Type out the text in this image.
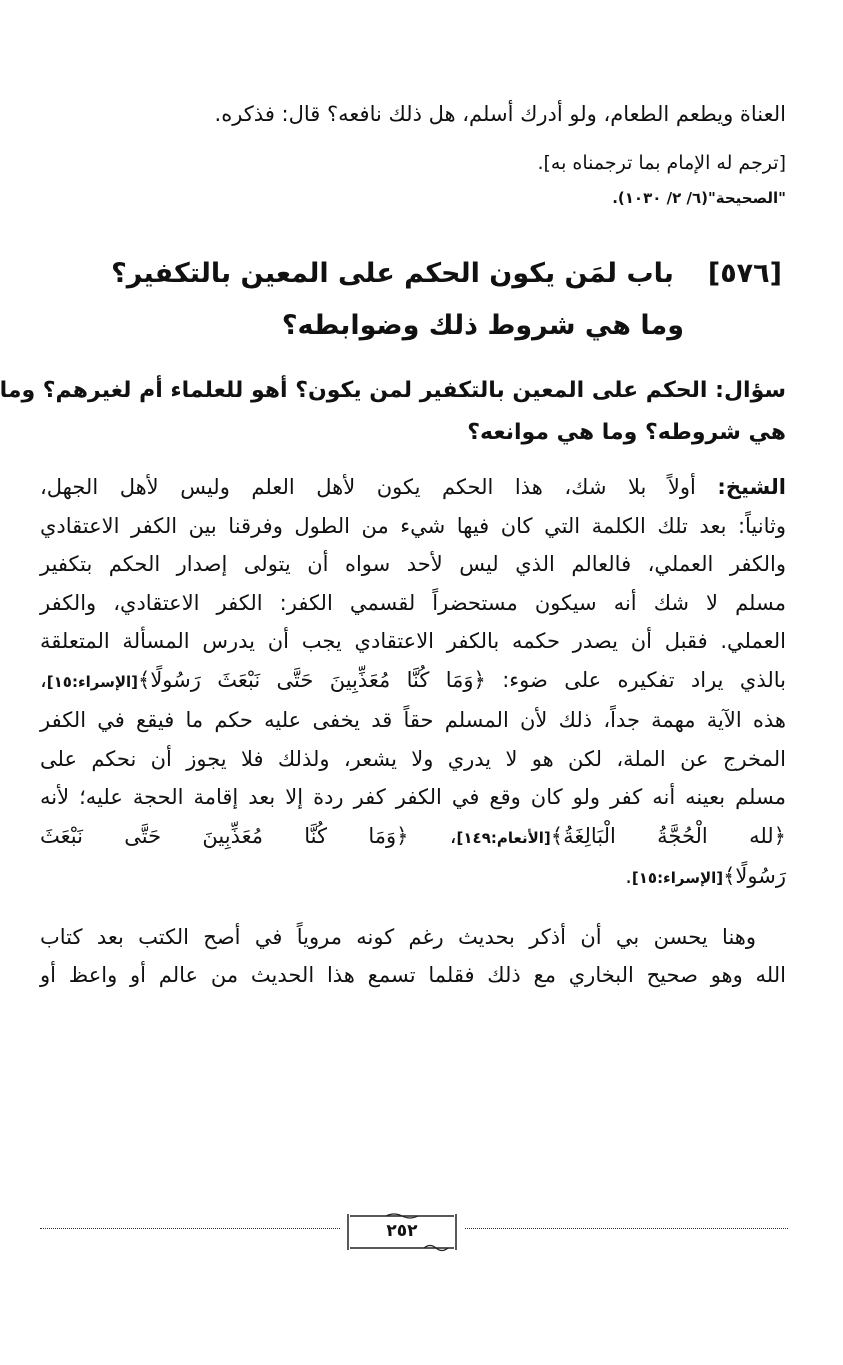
العناة ويطعم الطعام، ولو أدرك أسلم، هل ذلك نافعه؟ قال: فذكره.
[ترجم له الإمام بما ترجمناه به].
"الصحيحة"(٦/ ٢/ ١٠٣٠).
[٥٧٦]باب لمَن يكون الحكم على المعين بالتكفير؟
وما هي شروط ذلك وضوابطه؟
سؤال: الحكم على المعين بالتكفير لمن يكون؟ أهو للعلماء أم لغيرهم؟ وما
هي شروطه؟ وما هي موانعه؟
الشيخ: أولاً بلا شك، هذا الحكم يكون لأهل العلم وليس لأهل الجهل،
وثانياً: بعد تلك الكلمة التي كان فيها شيء من الطول وفرقنا بين الكفر الاعتقادي
والكفر العملي، فالعالم الذي ليس لأحد سواه أن يتولى إصدار الحكم بتكفير
مسلم لا شك أنه سيكون مستحضراً لقسمي الكفر: الكفر الاعتقادي، والكفر
العملي. فقبل أن يصدر حكمه بالكفر الاعتقادي يجب أن يدرس المسألة المتعلقة
بالذي يراد تفكيره على ضوء: ﴿وَمَا كُنَّا مُعَذِّبِينَ حَتَّى نَبْعَثَ رَسُولًا﴾[الإسراء:١٥]،
هذه الآية مهمة جداً، ذلك لأن المسلم حقاً قد يخفى عليه حكم ما فيقع في الكفر
المخرج عن الملة، لكن هو لا يدري ولا يشعر، ولذلك فلا يجوز أن نحكم على
مسلم بعينه أنه كفر ولو كان وقع في الكفر كفر ردة إلا بعد إقامة الحجة عليه؛ لأنه
﴿لله الْحُجَّةُ الْبَالِغَةُ﴾[الأنعام:١٤٩]، ﴿وَمَا كُنَّا مُعَذِّبِينَ حَتَّى نَبْعَثَ
رَسُولًا﴾[الإسراء:١٥].
وهنا يحسن بي أن أذكر بحديث رغم كونه مروياً في أصح الكتب بعد كتاب
الله وهو صحيح البخاري مع ذلك فقلما تسمع هذا الحديث من عالم أو واعظ أو
٢٥٢
